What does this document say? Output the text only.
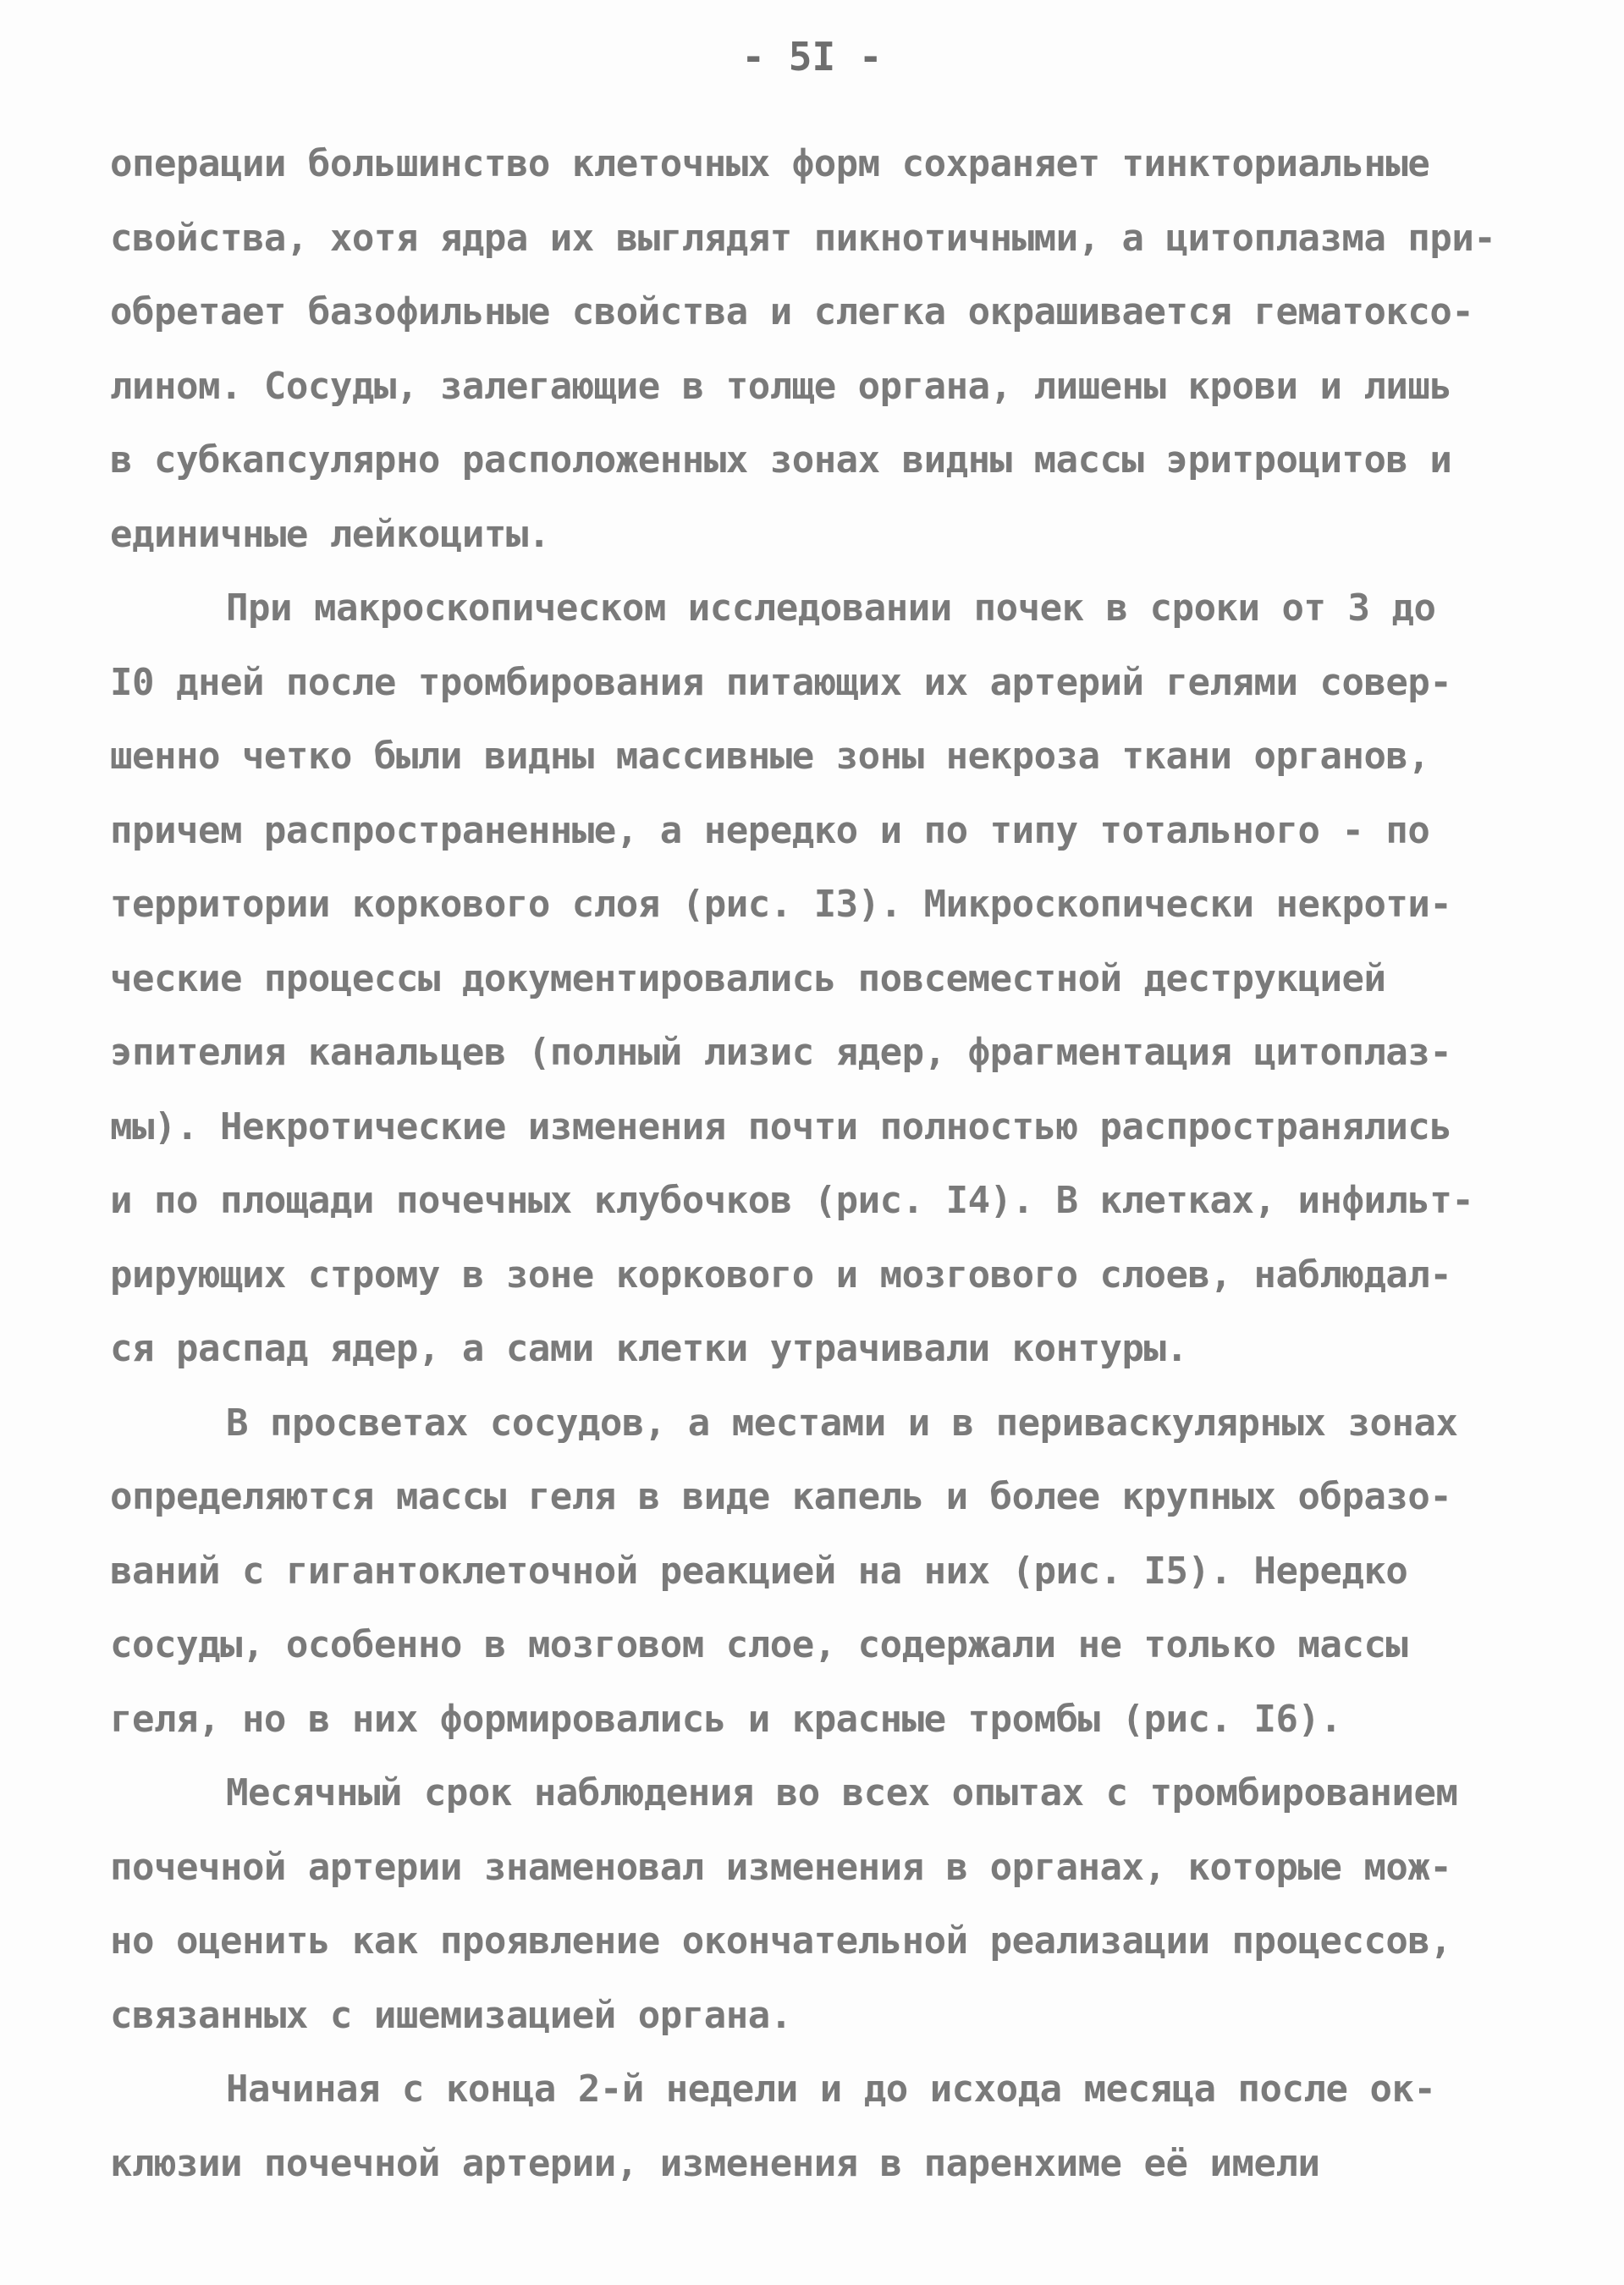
- 5I -
операции большинство клеточных форм сохраняет тинкториальные
свойства, хотя ядра их выглядят пикнотичными, а цитоплазма при-
обретает базофильные свойства и слегка окрашивается гематоксо-
лином. Сосуды, залегающие в толще органа, лишены крови и лишь
в субкапсулярно расположенных зонах видны массы эритроцитов и
единичные лейкоциты.
При макроскопическом исследовании почек в сроки от 3 до
I0 дней после тромбирования питающих их артерий гелями совер-
шенно четко были видны массивные зоны некроза ткани органов,
причем распространенные, а нередко и по типу тотального - по
территории коркового слоя (рис. I3). Микроскопически некроти-
ческие процессы документировались повсеместной деструкцией
эпителия канальцев (полный лизис ядер, фрагментация цитоплаз-
мы). Некротические изменения почти полностью распространялись
и по площади почечных клубочков (рис. I4). В клетках, инфильт-
рирующих строму в зоне коркового и мозгового слоев, наблюдал-
ся распад ядер, а сами клетки утрачивали контуры.
В просветах сосудов, а местами и в периваскулярных зонах
определяются массы геля в виде капель и более крупных образо-
ваний с гигантоклеточной реакцией на них (рис. I5). Нередко
сосуды, особенно в мозговом слое, содержали не только массы
геля, но в них формировались и красные тромбы (рис. I6).
Месячный срок наблюдения во всех опытах с тромбированием
почечной артерии знаменовал изменения в органах, которые мож-
но оценить как проявление окончательной реализации процессов,
связанных с ишемизацией органа.
Начиная с конца 2-й недели и до исхода месяца после ок-
клюзии почечной артерии, изменения в паренхиме её имели
